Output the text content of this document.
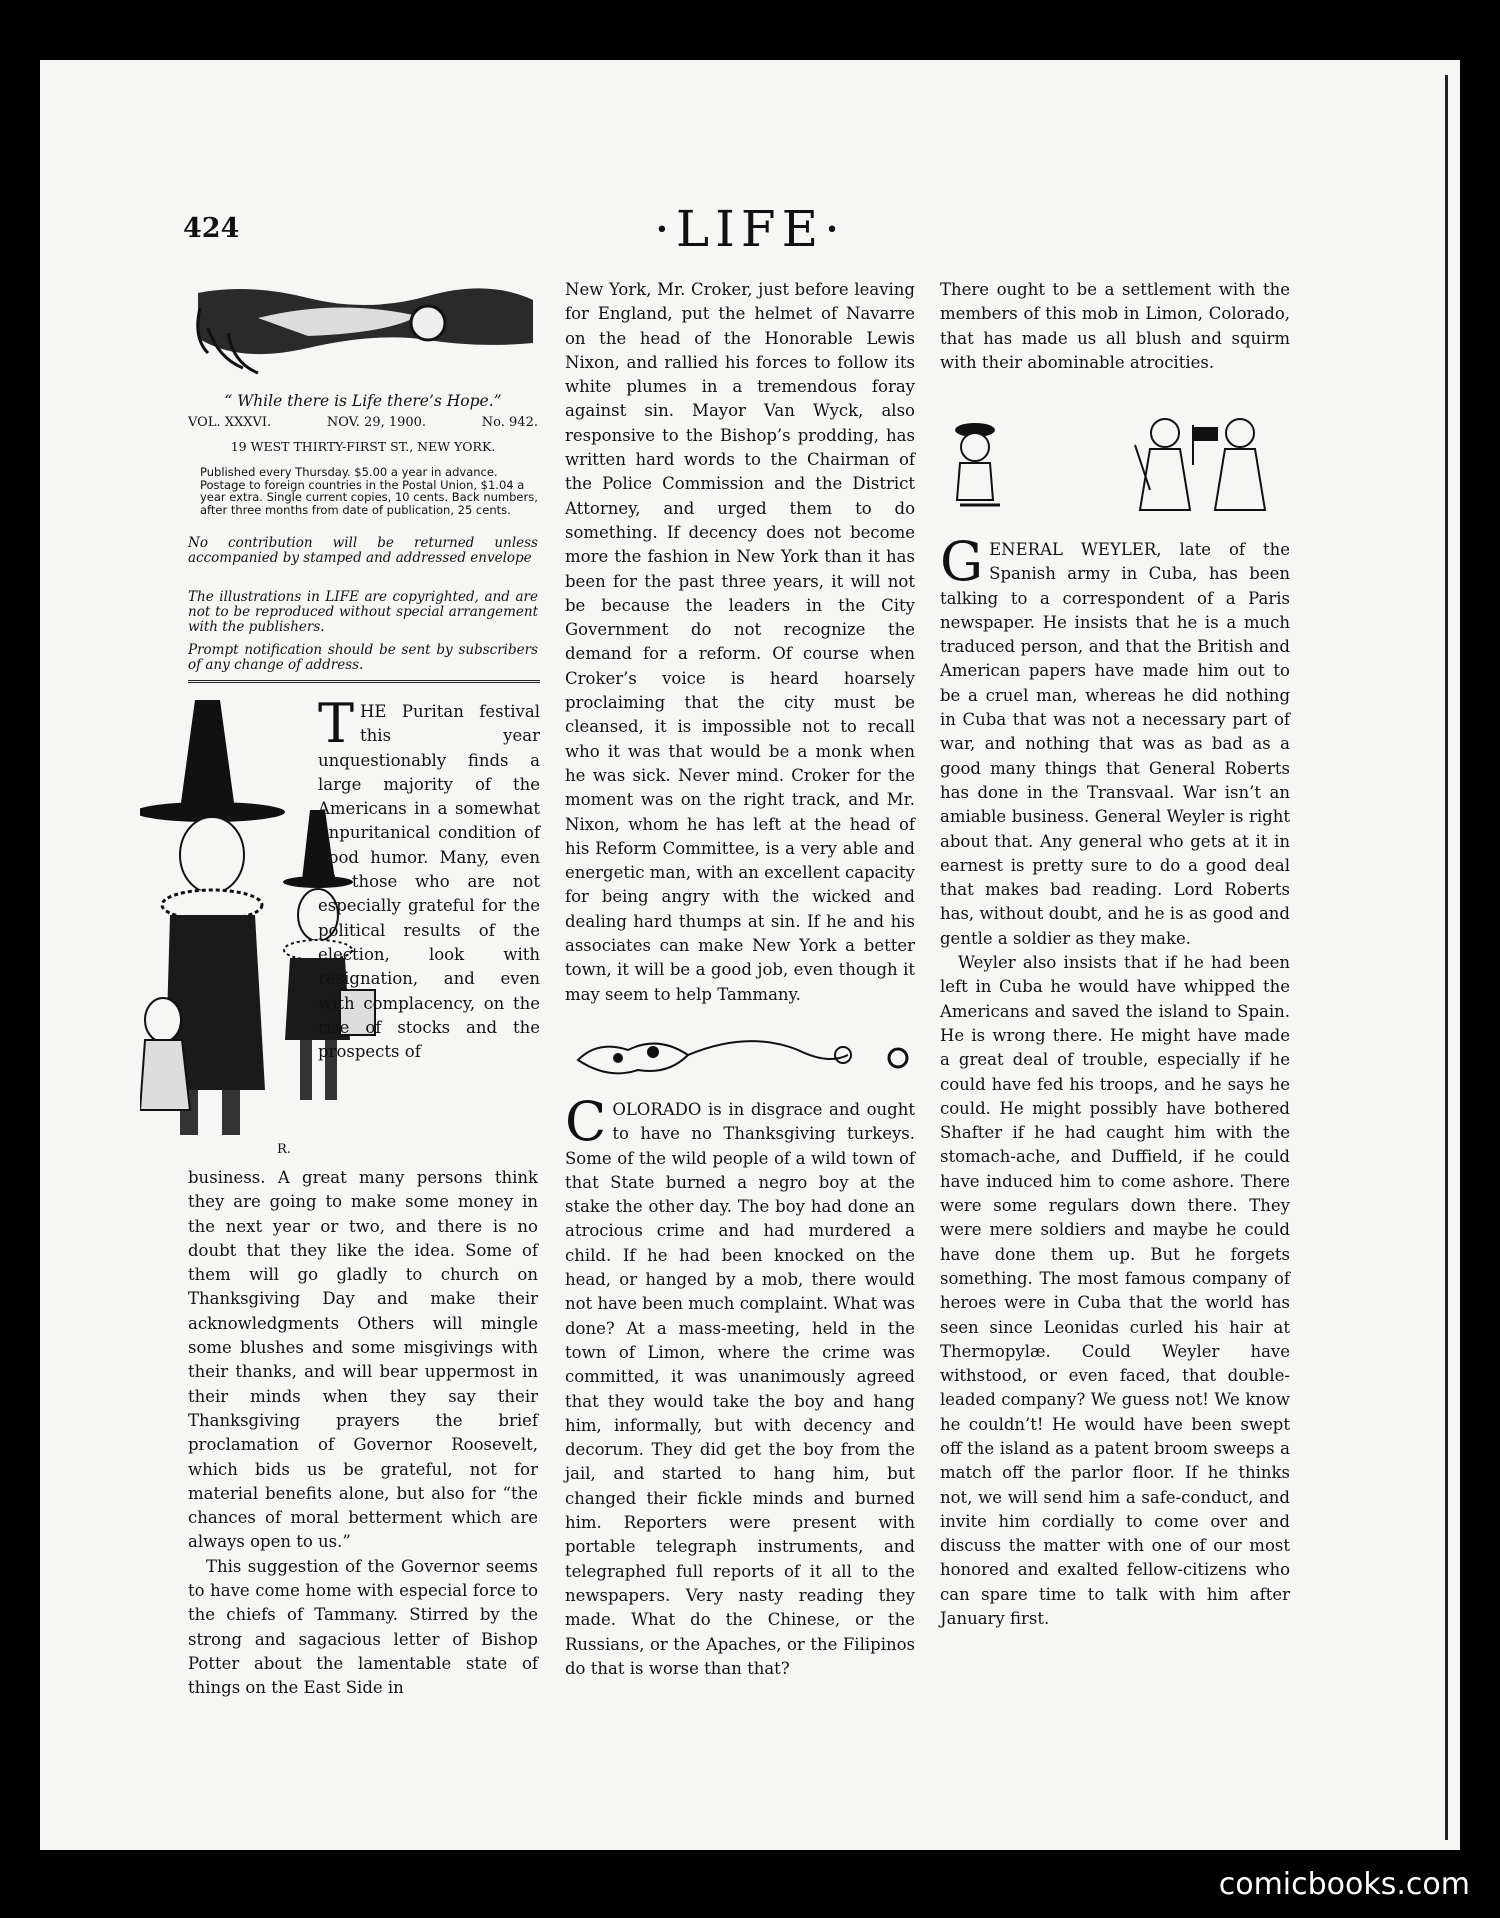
424	·LIFE·
“ While there is Life there’s Hope.”
VOL. XXXVI.	NOV. 29, 1900.	No. 942.
19 WEST THIRTY-FIRST ST., NEW YORK.
Published every Thursday. $5.00 a year in advance. Postage to foreign countries in the Postal Union, $1.04 a year extra. Single current copies, 10 cents. Back numbers, after three months from date of publication, 25 cents.
No contribution will be returned unless accompanied by stamped and addressed envelope
The illustrations in LIFE are copyrighted, and are not to be reproduced without special arrangement with the publishers.
Prompt notification should be sent by subscribers of any change of address.
THE Puritan festival this year unquestionably finds a large majority of the Americans in a somewhat unpuritanical condition of good humor. Many, even of those who are not especially grateful for the political results of the election, look with resignation, and even with complacency, on the rise of stocks and the prospects of
R.

business. A great many persons think they are going to make some money in the next year or two, and there is no doubt that they like the idea. Some of them will go gladly to church on Thanksgiving Day and make their acknowledgments Others will mingle some blushes and some misgivings with their thanks, and will bear uppermost in their minds when they say their Thanksgiving prayers the brief proclamation of Governor Roosevelt, which bids us be grateful, not for material benefits alone, but also for “the chances of moral betterment which are always open to us.”

This suggestion of the Governor seems to have come home with especial force to the chiefs of Tammany. Stirred by the strong and sagacious letter of Bishop Potter about the lamentable state of things on the East Side in

New York, Mr. Croker, just before leaving for England, put the helmet of Navarre on the head of the Honorable Lewis Nixon, and rallied his forces to follow its white plumes in a tremendous foray against sin. Mayor Van Wyck, also responsive to the Bishop’s prodding, has written hard words to the Chairman of the Police Commission and the District Attorney, and urged them to do something. If decency does not become more the fashion in New York than it has been for the past three years, it will not be because the leaders in the City Government do not recognize the demand for a reform. Of course when Croker’s voice is heard hoarsely proclaiming that the city must be cleansed, it is impossible not to recall who it was that would be a monk when he was sick. Never mind. Croker for the moment was on the right track, and Mr. Nixon, whom he has left at the head of his Reform Committee, is a very able and energetic man, with an excellent capacity for being angry with the wicked and dealing hard thumps at sin. If he and his associates can make New York a better town, it will be a good job, even though it may seem to help Tammany.

COLORADO is in disgrace and ought to have no Thanksgiving turkeys. Some of the wild people of a wild town of that State burned a negro boy at the stake the other day. The boy had done an atrocious crime and had murdered a child. If he had been knocked on the head, or hanged by a mob, there would not have been much complaint. What was done? At a mass-meeting, held in the town of Limon, where the crime was committed, it was unanimously agreed that they would take the boy and hang him, informally, but with decency and decorum. They did get the boy from the jail, and started to hang him, but changed their fickle minds and burned him. Reporters were present with portable telegraph instruments, and telegraphed full reports of it all to the newspapers. Very nasty reading they made. What do the Chinese, or the Russians, or the Apaches, or the Filipinos do that is worse than that?

There ought to be a settlement with the members of this mob in Limon, Colorado, that has made us all blush and squirm with their abominable atrocities.

GENERAL WEYLER, late of the Spanish army in Cuba, has been talking to a correspondent of a Paris newspaper. He insists that he is a much traduced person, and that the British and American papers have made him out to be a cruel man, whereas he did nothing in Cuba that was not a necessary part of war, and nothing that was as bad as a good many things that General Roberts has done in the Transvaal. War isn’t an amiable business. General Weyler is right about that. Any general who gets at it in earnest is pretty sure to do a good deal that makes bad reading. Lord Roberts has, without doubt, and he is as good and gentle a soldier as they make.

Weyler also insists that if he had been left in Cuba he would have whipped the Americans and saved the island to Spain. He is wrong there. He might have made a great deal of trouble, especially if he could have fed his troops, and he says he could. He might possibly have bothered Shafter if he had caught him with the stomach-ache, and Duffield, if he could have induced him to come ashore. There were some regulars down there. They were mere soldiers and maybe he could have done them up. But he forgets something. The most famous company of heroes were in Cuba that the world has seen since Leonidas curled his hair at Thermopylæ. Could Weyler have withstood, or even faced, that double-leaded company? We guess not! We know he couldn’t! He would have been swept off the island as a patent broom sweeps a match off the parlor floor. If he thinks not, we will send him a safe-conduct, and invite him cordially to come over and discuss the matter with one of our most honored and exalted fellow-citizens who can spare time to talk with him after January first.

comicbooks.com
